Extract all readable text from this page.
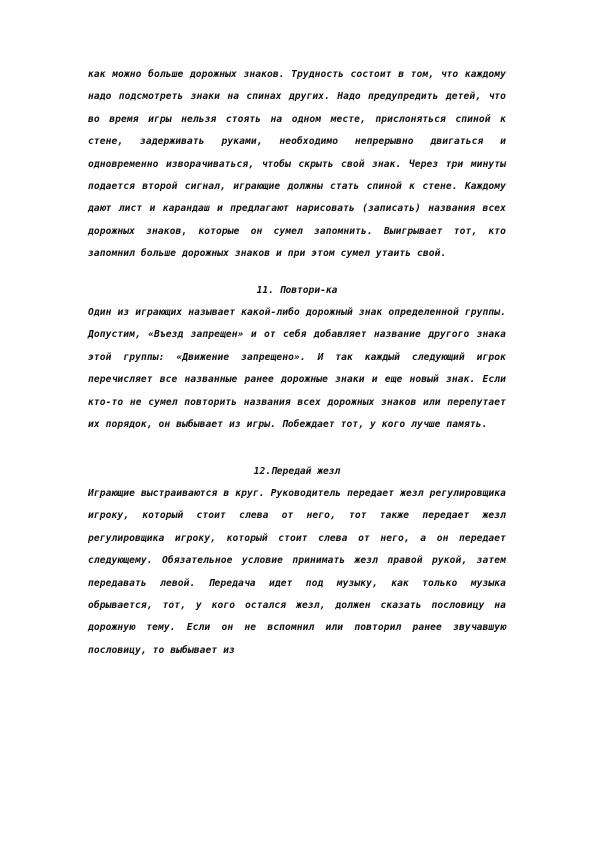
как можно больше дорожных знаков. Трудность состоит в том, что каждому надо подсмотреть знаки на спинах других. Надо предупредить детей, что во время игры нельзя стоять на одном месте, прислоняться спиной к стене, задерживать руками, необходимо непрерывно двигаться и одновременно изворачиваться, чтобы скрыть свой знак. Через три минуты подается второй сигнал, играющие должны стать спиной к стене. Каждому дают лист и карандаш и предлагают нарисовать (записать) названия всех дорожных знаков, которые он сумел запомнить. Выигрывает тот, кто запомнил больше дорожных знаков и при этом сумел утаить свой.

11. Повтори-ка

Один из играющих называет какой-либо дорожный знак определенной группы. Допустим, «Въезд запрещен» и от себя добавляет название другого знака этой группы: «Движение запрещено». И так каждый следующий игрок перечисляет все названные ранее дорожные знаки и еще новый знак. Если кто-то не сумел повторить названия всех дорожных знаков или перепутает их порядок, он выбывает из игры. Побеждает тот, у кого лучше память.

12.Передай жезл

Играющие выстраиваются в круг. Руководитель передает жезл регулировщика игроку, который стоит слева от него, тот также передает жезл регулировщика игроку, который стоит слева от него, а он передает следующему. Обязательное условие принимать жезл правой рукой, затем передавать левой. Передача идет под музыку, как только музыка обрывается, тот, у кого остался жезл, должен сказать пословицу на дорожную тему. Если он не вспомнил или повторил ранее звучавшую пословицу, то выбывает из
